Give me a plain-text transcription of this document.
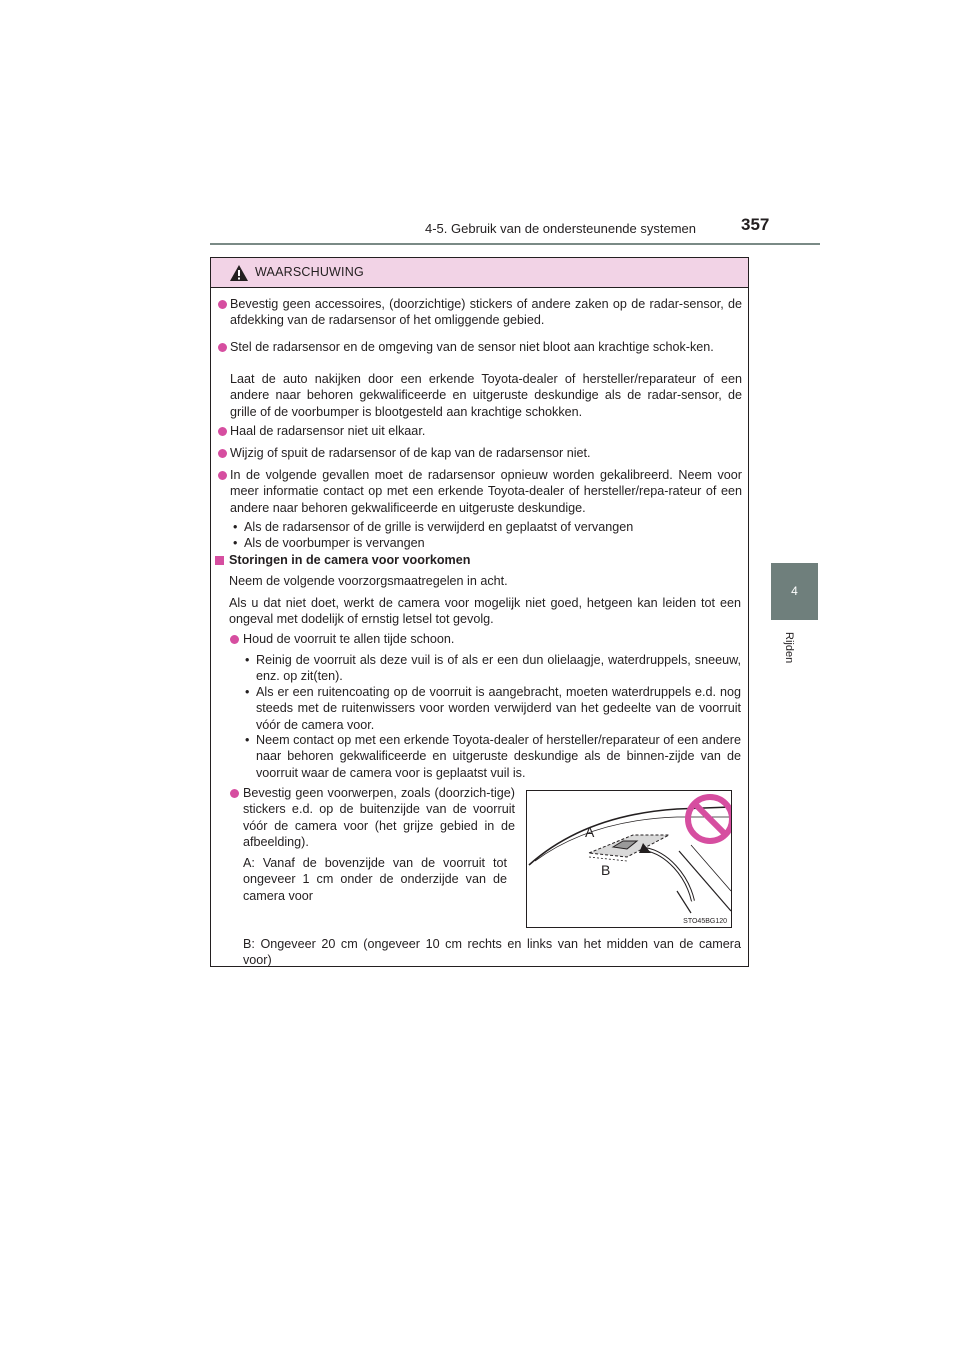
4-5. Gebruik van de ondersteunende systemen	357
4
Rijden
WAARSCHUWING
Bevestig geen accessoires, (doorzichtige) stickers of andere zaken op de radar-sensor, de afdekking van de radarsensor of het omliggende gebied.
Stel de radarsensor en de omgeving van de sensor niet bloot aan krachtige schok-ken.
Laat de auto nakijken door een erkende Toyota-dealer of hersteller/reparateur of een andere naar behoren gekwalificeerde en uitgeruste deskundige als de radar-sensor, de grille of de voorbumper is blootgesteld aan krachtige schokken.
Haal de radarsensor niet uit elkaar.
Wijzig of spuit de radarsensor of de kap van de radarsensor niet.
In de volgende gevallen moet de radarsensor opnieuw worden gekalibreerd. Neem voor meer informatie contact op met een erkende Toyota-dealer of hersteller/repa-rateur of een andere naar behoren gekwalificeerde en uitgeruste deskundige.
• Als de radarsensor of de grille is verwijderd en geplaatst of vervangen
• Als de voorbumper is vervangen
Storingen in de camera voor voorkomen
Neem de volgende voorzorgsmaatregelen in acht.
Als u dat niet doet, werkt de camera voor mogelijk niet goed, hetgeen kan leiden tot een ongeval met dodelijk of ernstig letsel tot gevolg.
Houd de voorruit te allen tijde schoon.
• Reinig de voorruit als deze vuil is of als er een dun olielaagje, waterdruppels, sneeuw, enz. op zit(ten).
• Als er een ruitencoating op de voorruit is aangebracht, moeten waterdruppels e.d. nog steeds met de ruitenwissers voor worden verwijderd van het gedeelte van de voorruit vóór de camera voor.
• Neem contact op met een erkende Toyota-dealer of hersteller/reparateur of een andere naar behoren gekwalificeerde en uitgeruste deskundige als de binnen-zijde van de voorruit waar de camera voor is geplaatst vuil is.
Bevestig geen voorwerpen, zoals (doorzich-tige) stickers e.d. op de buitenzijde van de voorruit vóór de camera voor (het grijze gebied in de afbeelding).
A: Vanaf de bovenzijde van de voorruit tot ongeveer 1 cm onder de onderzijde van de camera voor
B: Ongeveer 20 cm (ongeveer 10 cm rechts en links van het midden van de camera voor)
A
B
STO45BG120
